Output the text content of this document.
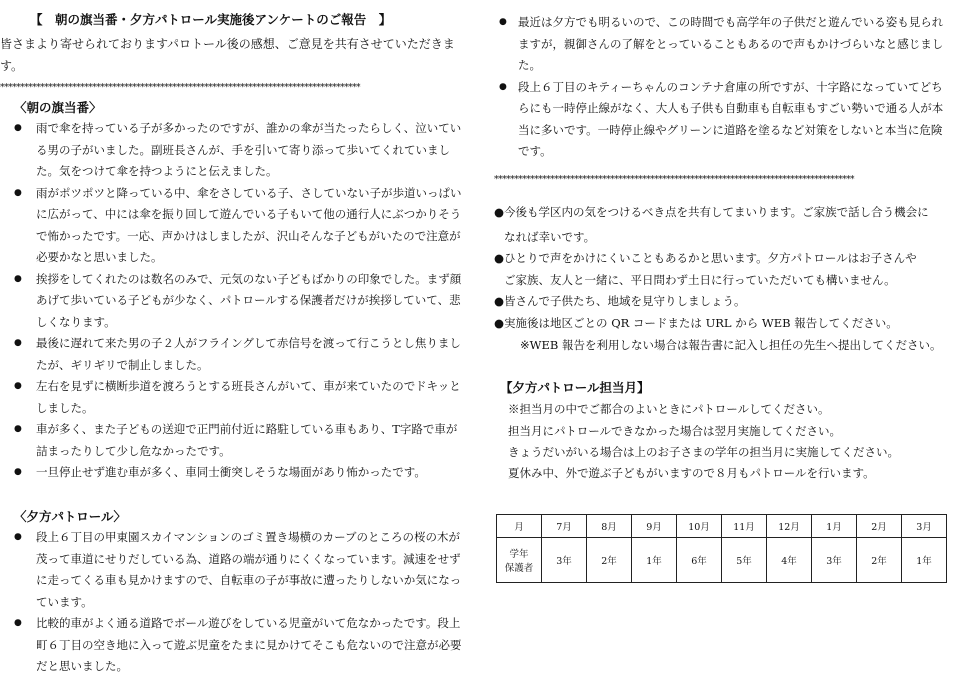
【　朝の旗当番・夕方パトロール実施後アンケートのご報告　】
皆さまより寄せられておりますパロトール後の感想、ご意見を共有させていただきます。
******************************************************************************************
〈朝の旗当番〉
● 雨で傘を持っている子が多かったのですが、誰かの傘が当たったらしく、泣いている男の子がいました。副班長さんが、手を引いて寄り添って歩いてくれていました。気をつけて傘を持つようにと伝えました。
● 雨がポツポツと降っている中、傘をさしている子、さしていない子が歩道いっぱいに広がって、中には傘を振り回して遊んでいる子もいて他の通行人にぶつかりそうで怖かったです。一応、声かけはしましたが、沢山そんな子どもがいたので注意が必要かなと思いました。
● 挨拶をしてくれたのは数名のみで、元気のない子どもばかりの印象でした。まず顔あげて歩いている子どもが少なく、パトロールする保護者だけが挨拶していて、悲しくなります。
● 最後に遅れて来た男の子２人がフライングして赤信号を渡って行こうとし焦りましたが、ギリギリで制止しました。
● 左右を見ずに横断歩道を渡ろうとする班長さんがいて、車が来ていたのでドキッとしました。
● 車が多く、また子どもの送迎で正門前付近に路駐している車もあり、T字路で車が詰まったりして少し危なかったです。
● 一旦停止せず進む車が多く、車同士衝突しそうな場面があり怖かったです。
〈夕方パトロール〉
● 段上６丁目の甲東園スカイマンションのゴミ置き場横のカーブのところの桜の木が茂って車道にせりだしている為、道路の端が通りにくくなっています。減速をせずに走ってくる車も見かけますので、自転車の子が事故に遭ったりしないか気になっています。
● 比較的車がよく通る道路でボール遊びをしている児童がいて危なかったです。段上町６丁目の空き地に入って遊ぶ児童をたまに見かけてそこも危ないので注意が必要だと思いました。
● 最近は夕方でも明るいので、この時間でも高学年の子供だと遊んでいる姿も見られますが，親御さんの了解をとっていることもあるので声もかけづらいなと感じました。
● 段上６丁目のキティーちゃんのコンテナ倉庫の所ですが、十字路になっていてどちらにも一時停止線がなく、大人も子供も自動車も自転車もすごい勢いで通る人が本当に多いです。一時停止線やグリーンに道路を塗るなど対策をしないと本当に危険です。
******************************************************************************************
●今後も学区内の気をつけるべき点を共有してまいります。ご家族で話し合う機会に
なれば幸いです。
●ひとりで声をかけにくいこともあるかと思います。夕方パトロールはお子さんや
ご家族、友人と一緒に、平日問わず土日に行っていただいても構いません。
●皆さんで子供たち、地域を見守りしましょう。
●実施後は地区ごとの QR コードまたは URL から WEB 報告してください。
※WEB 報告を利用しない場合は報告書に記入し担任の先生へ提出してください。
【夕方パトロール担当月】
※担当月の中でご都合のよいときにパトロールしてください。
担当月にパトロールできなかった場合は翌月実施してください。
きょうだいがいる場合は上のお子さまの学年の担当月に実施してください。
夏休み中、外で遊ぶ子どもがいますので８月もパトロールを行います。
月	7月	8月	9月	10月	11月	12月	1月	2月	3月
学年
保護者	3年	2年	1年	6年	5年	4年	3年	2年	1年
